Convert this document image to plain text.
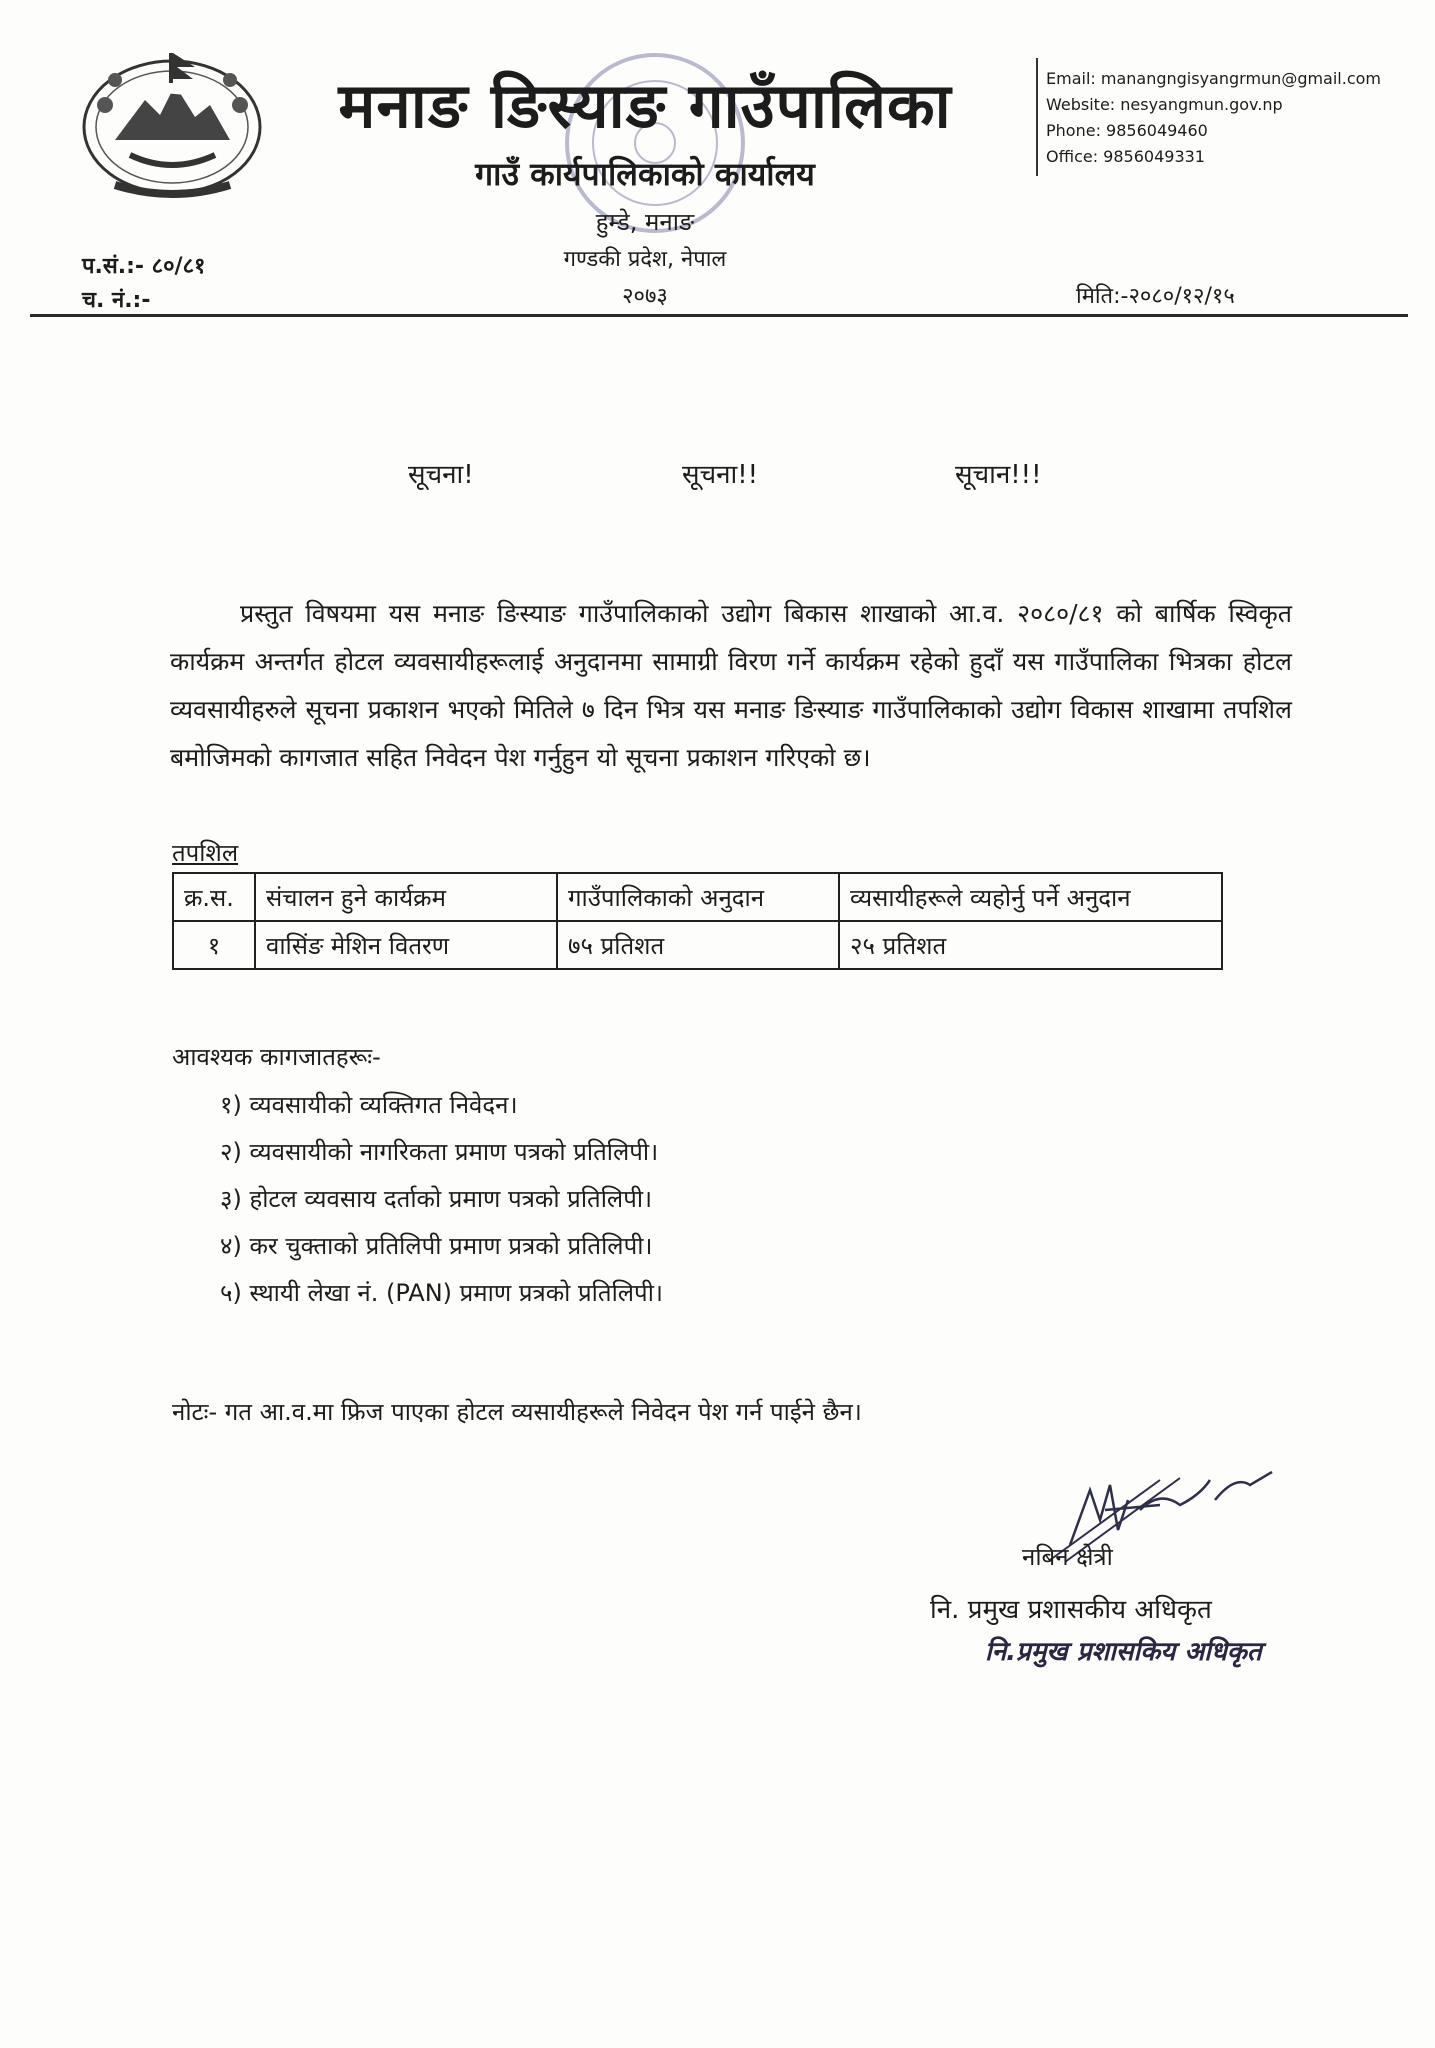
मनाङ ङिस्याङ गाउँपालिका
गाउँ कार्यपालिकाको कार्यालय
हुम्डे, मनाङ
गण्डकी प्रदेश, नेपाल
२०७३
Email: manangngisyangrmun@gmail.com
Website: nesyangmun.gov.np
Phone: 9856049460
Office: 9856049331
प.सं.:- ८०/८१
च. नं.:-	मिति:-२०८०/१२/१५
सूचना!	सूचना!!	सूचान!!!
प्रस्तुत विषयमा यस मनाङ ङिस्याङ गाउँपालिकाको उद्योग बिकास शाखाको आ.व. २०८०/८१ को बार्षिक स्विकृत कार्यक्रम अन्तर्गत होटल व्यवसायीहरूलाई अनुदानमा सामाग्री विरण गर्ने कार्यक्रम रहेको हुदाँ यस गाउँपालिका भित्रका होटल व्यवसायीहरुले सूचना प्रकाशन भएको मितिले ७ दिन भित्र यस मनाङ ङिस्याङ गाउँपालिकाको उद्योग विकास शाखामा तपशिल बमोजिमको कागजात सहित निवेदन पेश गर्नुहुन यो सूचना प्रकाशन गरिएको छ।
तपशिल
क्र.स.	संचालन हुने कार्यक्रम	गाउँपालिकाको अनुदान	व्यसायीहरूले व्यहोर्नु पर्ने अनुदान
१	वासिंङ मेशिन वितरण	७५ प्रतिशत	२५ प्रतिशत
आवश्यक कागजातहरूः-
१) व्यवसायीको व्यक्तिगत निवेदन।
२) व्यवसायीको नागरिकता प्रमाण पत्रको प्रतिलिपी।
३) होटल व्यवसाय दर्ताको प्रमाण पत्रको प्रतिलिपी।
४) कर चुक्ताको प्रतिलिपी प्रमाण प्रत्रको प्रतिलिपी।
५) स्थायी लेखा नं. (PAN) प्रमाण प्रत्रको प्रतिलिपी।
नोटः- गत आ.व.मा फ्रिज पाएका होटल व्यसायीहरूले निवेदन पेश गर्न पाईने छैन।
नबिन क्षेत्री
नि. प्रमुख प्रशासकीय अधिकृत
नि.प्रमुख प्रशासकिय अधिकृत
